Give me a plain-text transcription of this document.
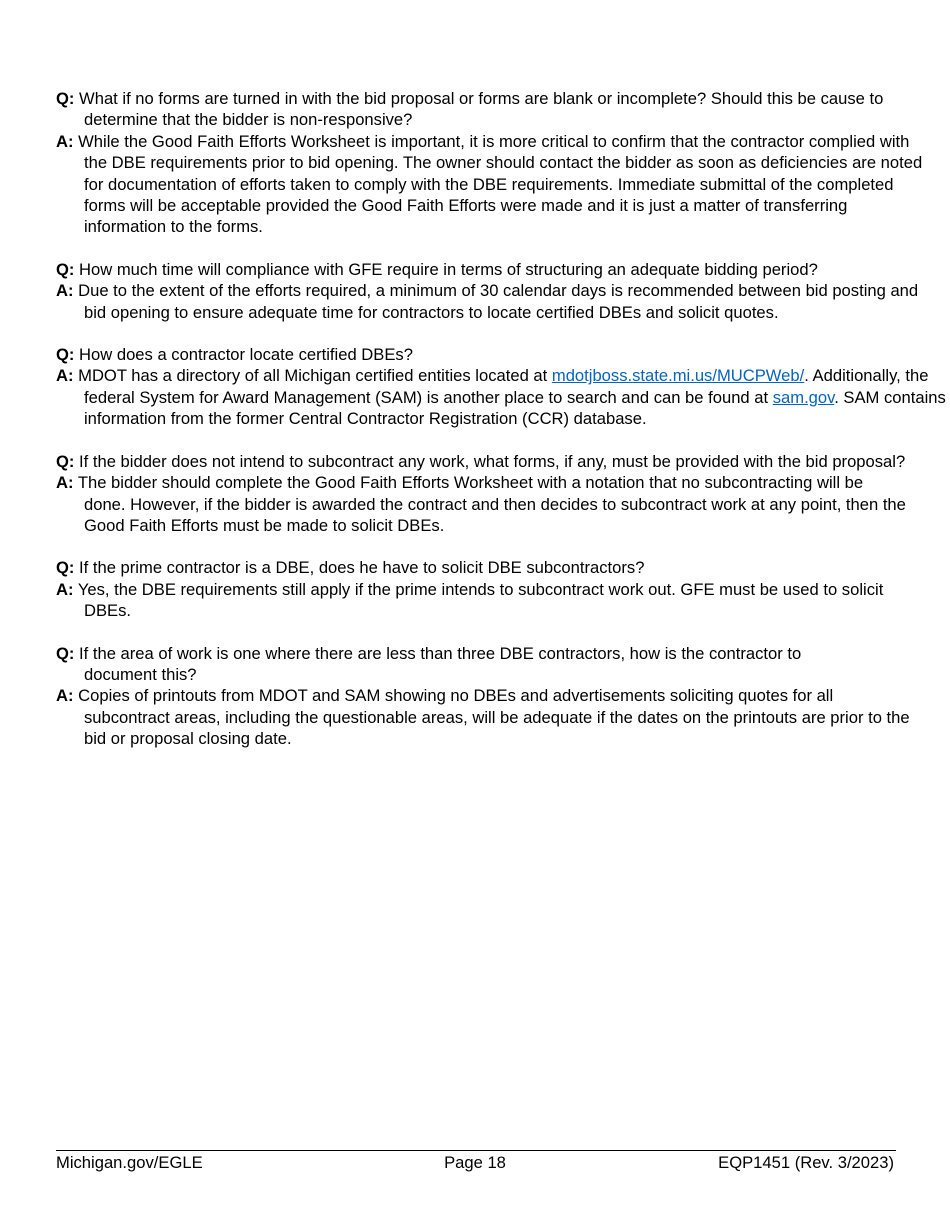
Q: What if no forms are turned in with the bid proposal or forms are blank or incomplete? Should this be cause to determine that the bidder is non-responsive?
A: While the Good Faith Efforts Worksheet is important, it is more critical to confirm that the contractor complied with the DBE requirements prior to bid opening. The owner should contact the bidder as soon as deficiencies are noted for documentation of efforts taken to comply with the DBE requirements. Immediate submittal of the completed forms will be acceptable provided the Good Faith Efforts were made and it is just a matter of transferring information to the forms.
Q: How much time will compliance with GFE require in terms of structuring an adequate bidding period?
A: Due to the extent of the efforts required, a minimum of 30 calendar days is recommended between bid posting and bid opening to ensure adequate time for contractors to locate certified DBEs and solicit quotes.
Q: How does a contractor locate certified DBEs?
A: MDOT has a directory of all Michigan certified entities located at mdotjboss.state.mi.us/MUCPWeb/. Additionally, the federal System for Award Management (SAM) is another place to search and can be found at sam.gov. SAM contains information from the former Central Contractor Registration (CCR) database.
Q: If the bidder does not intend to subcontract any work, what forms, if any, must be provided with the bid proposal?
A: The bidder should complete the Good Faith Efforts Worksheet with a notation that no subcontracting will be done. However, if the bidder is awarded the contract and then decides to subcontract work at any point, then the Good Faith Efforts must be made to solicit DBEs.
Q: If the prime contractor is a DBE, does he have to solicit DBE subcontractors?
A: Yes, the DBE requirements still apply if the prime intends to subcontract work out. GFE must be used to solicit DBEs.
Q: If the area of work is one where there are less than three DBE contractors, how is the contractor to document this?
A: Copies of printouts from MDOT and SAM showing no DBEs and advertisements soliciting quotes for all subcontract areas, including the questionable areas, will be adequate if the dates on the printouts are prior to the bid or proposal closing date.
Michigan.gov/EGLE	Page 18	EQP1451 (Rev. 3/2023)
